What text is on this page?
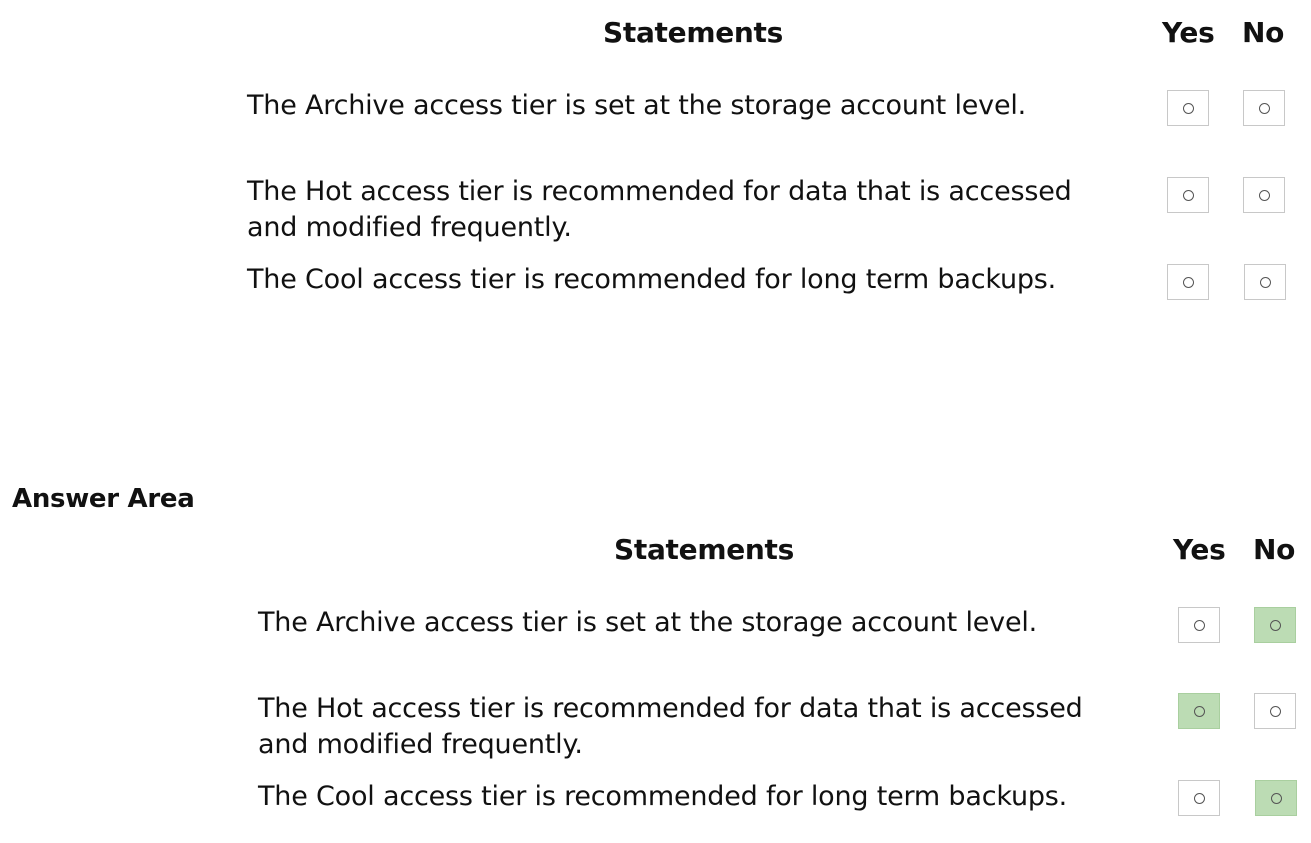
Statements	Yes No
The Archive access tier is set at the storage account level.
The Hot access tier is recommended for data that is accessed
and modified frequently.
The Cool access tier is recommended for long term backups.
Answer Area
Statements	Yes No
The Archive access tier is set at the storage account level.
The Hot access tier is recommended for data that is accessed
and modified frequently.
The Cool access tier is recommended for long term backups.
